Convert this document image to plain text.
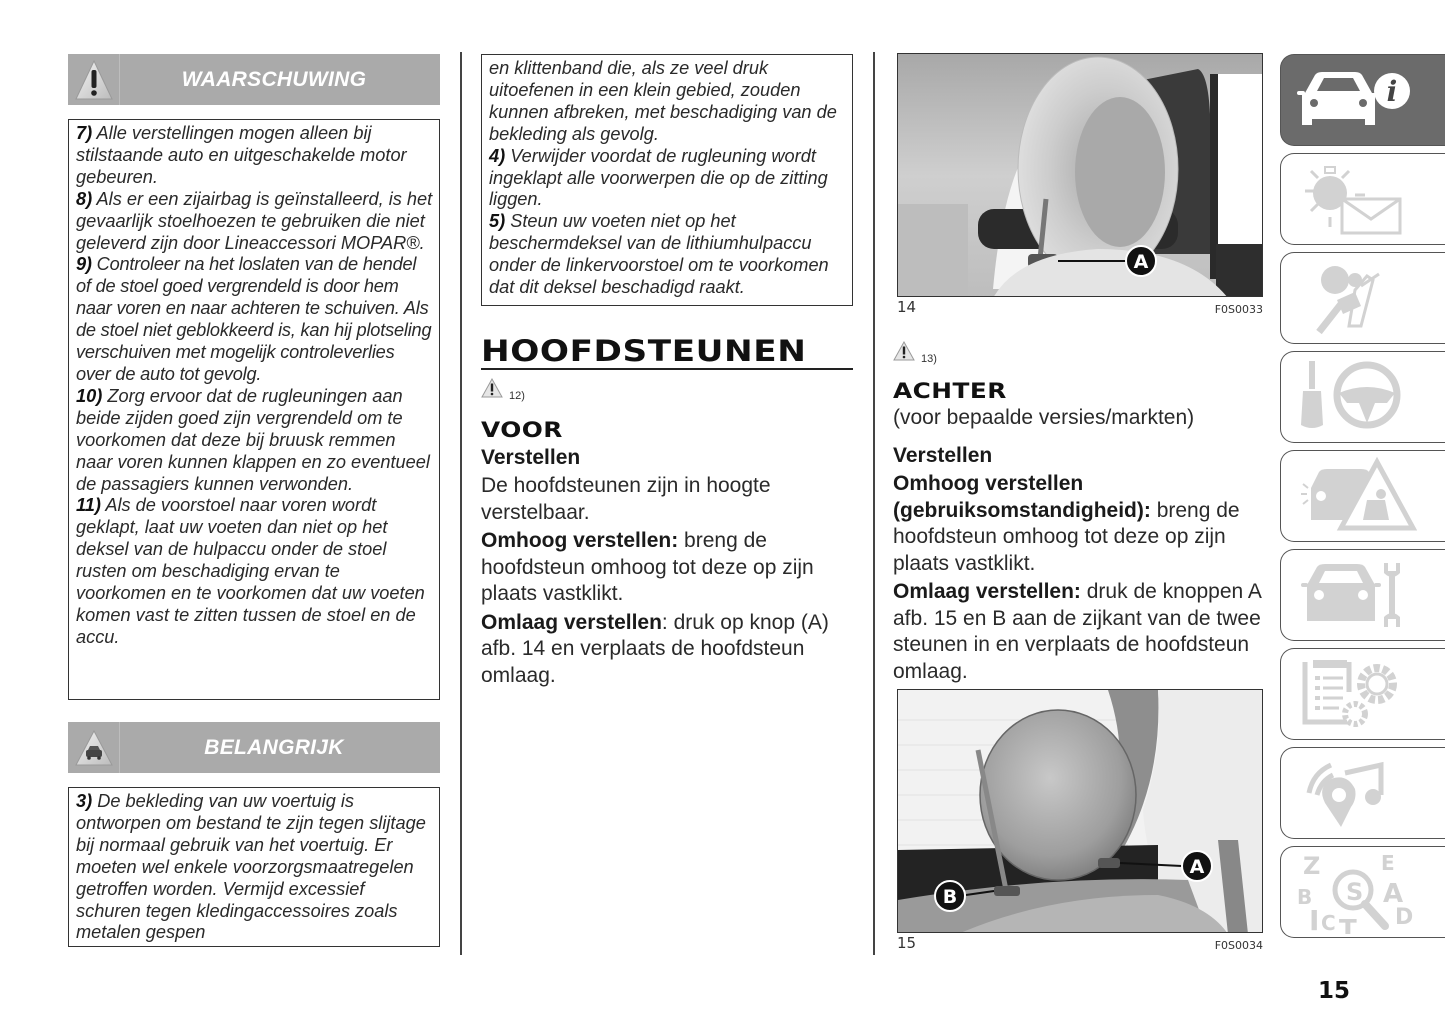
WAARSCHUWING

7) Alle verstellingen mogen alleen bij stilstaande auto en uitgeschakelde motor gebeuren.

8) Als er een zijairbag is geïnstalleerd, is het gevaarlijk stoelhoezen te gebruiken die niet geleverd zijn door Lineaccessori MOPAR®.

9) Controleer na het loslaten van de hendel of de stoel goed vergrendeld is door hem naar voren en naar achteren te schuiven. Als de stoel niet geblokkeerd is, kan hij plotseling verschuiven met mogelijk controleverlies over de auto tot gevolg.

10) Zorg ervoor dat de rugleuningen aan beide zijden goed zijn vergrendeld om te voorkomen dat deze bij bruusk remmen naar voren kunnen klappen en zo eventueel de passagiers kunnen verwonden.

11) Als de voorstoel naar voren wordt geklapt, laat uw voeten dan niet op het deksel van de hulpaccu onder de stoel rusten om beschadiging ervan te voorkomen en te voorkomen dat uw voeten komen vast te zitten tussen de stoel en de accu.

BELANGRIJK

3) De bekleding van uw voertuig is ontworpen om bestand te zijn tegen slijtage bij normaal gebruik van het voertuig. Er moeten wel enkele voorzorgsmaatregelen getroffen worden. Vermijd excessief schuren tegen kledingaccessoires zoals metalen gespen

en klittenband die, als ze veel druk uitoefenen in een klein gebied, zouden kunnen afbreken, met beschadiging van de bekleding als gevolg.

4) Verwijder voordat de rugleuning wordt ingeklapt alle voorwerpen die op de zitting liggen.

5) Steun uw voeten niet op het beschermdeksel van de lithiumhulpaccu onder de linkervoorstoel om te voorkomen dat dit deksel beschadigd raakt.

HOOFDSTEUNEN
12)
VOOR
Verstellen

De hoofdsteunen zijn in hoogte verstelbaar.

Omhoog verstellen: breng de hoofdsteun omhoog tot deze op zijn plaats vastklikt.

Omlaag verstellen: druk op knop (A) afb. 14 en verplaats de hoofdsteun omlaag.

A
14	F0S0033
13)
ACHTER
(voor bepaalde versies/markten)
Verstellen

Omhoog verstellen (gebruiksomstandigheid): breng de hoofdsteun omhoog tot deze op zijn plaats vastklikt.

Omlaag verstellen: druk de knoppen A afb. 15 en B aan de zijkant van de twee steunen in en verplaats de hoofdsteun omlaag.

B
A
15	F0S0034
i
Z
B
I C T
E
A
D
S
15
